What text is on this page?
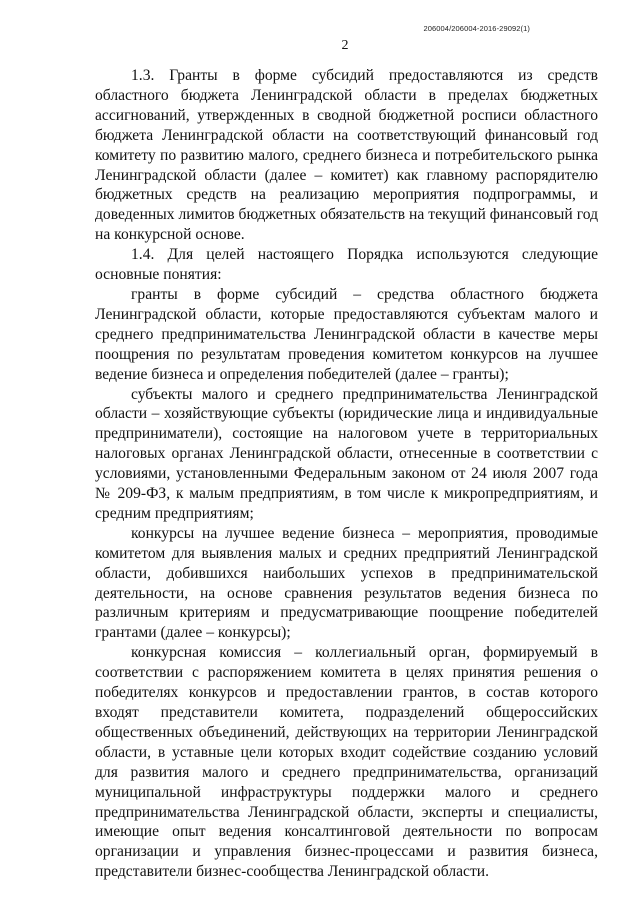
206004/206004-2016-29092(1)
2

1.3. Гранты в форме субсидий предоставляются из средств областного бюджета Ленинградской области в пределах бюджетных ассигнований, утвержденных в сводной бюджетной росписи областного бюджета Ленинградской области на соответствующий финансовый год комитету по развитию малого, среднего бизнеса и потребительского рынка Ленинградской области (далее – комитет) как главному распорядителю бюджетных средств на реализацию мероприятия подпрограммы, и доведенных лимитов бюджетных обязательств на текущий финансовый год на конкурсной основе.

1.4. Для целей настоящего Порядка используются следующие основные понятия:

гранты в форме субсидий – средства областного бюджета Ленинградской области, которые предоставляются субъектам малого и среднего предпринимательства Ленинградской области в качестве меры поощрения по результатам проведения комитетом конкурсов на лучшее ведение бизнеса и определения победителей (далее – гранты);

субъекты малого и среднего предпринимательства Ленинградской области – хозяйствующие субъекты (юридические лица и индивидуальные предприниматели), состоящие на налоговом учете в территориальных налоговых органах Ленинградской области, отнесенные в соответствии с условиями, установленными Федеральным законом от 24 июля 2007 года № 209-ФЗ, к малым предприятиям, в том числе к микропредприятиям, и средним предприятиям;

конкурсы на лучшее ведение бизнеса – мероприятия, проводимые комитетом для выявления малых и средних предприятий Ленинградской области, добившихся наибольших успехов в предпринимательской деятельности, на основе сравнения результатов ведения бизнеса по различным критериям и предусматривающие поощрение победителей грантами (далее – конкурсы);

конкурсная комиссия – коллегиальный орган, формируемый в соответствии с распоряжением комитета в целях принятия решения о победителях конкурсов и предоставлении грантов, в состав которого входят представители комитета, подразделений общероссийских общественных объединений, действующих на территории Ленинградской области, в уставные цели которых входит содействие созданию условий для развития малого и среднего предпринимательства, организаций муниципальной инфраструктуры поддержки малого и среднего предпринимательства Ленинградской области, эксперты и специалисты, имеющие опыт ведения консалтинговой деятельности по вопросам организации и управления бизнес-процессами и развития бизнеса, представители бизнес-сообщества Ленинградской области.
